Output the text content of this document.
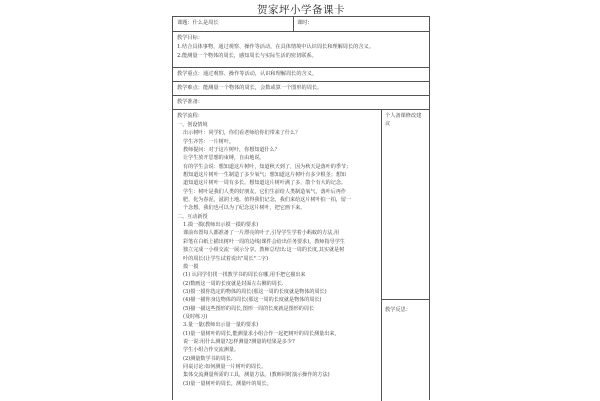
贺家坪小学备课卡
课题：什么是周长	课时：
教学目标：
1.结合具体事物，通过观察、操作等活动，在具体情境中认识周长和理解周长的含义。
2.能测量一个物体的周长，感知周长与实际生活的密切联系。
教学重点：通过观察、操作等活动，认识和理解周长的含义。
教学难点：能测量一个物体的周长，会数或算一个图形的周长。
教学准备：
教学流程：
一、创设情境
出示树叶：同学们，你们看老师给你们带来了什么？
学生齐答：一片树叶。
教师提问：对于这片树叶，你想知道什么？
让学生放开思想的束缚，自由地说。
有的学生会说：想知道这片树叶，知道秋天到了，因为秋天是落叶的季节；
想知道这片树叶一生制造了多少氧气；想知道这片树叶有多少根茎；想知
道知道这片树叶一周有多长。想知道这片树叶满了多，散个有大的记念。
学生：树叶是我们人类的好朋友，它们生前给人类制造氧气，落叶后再作
肥，化为春泥，滋润土地。值得我们记念，我们来给这片树叶拍一拍，留一
个念想，我们也可以为了纪念这片树叶，把它画下来。
二、互动新授
1.摸一摸(教师出示摸一摸的要求)
课前布置每人都准备了一片漂亮的叶子,引导学生学着小蚂蚁的方法,用
彩笔在白纸上描出树叶一周的边线(课件会给出任务要求)。教师指导学生
独立完成一小组交流一展示分享。教师总结出:这一周的长度,其实就是树
叶的周长(让学生试着说出"周长"二字)
摸一摸
(1) 认同学们找一找教学书的周长在哪,用手把它描出来
(2)数画这一周的长度就是封面左右侧的周长.
(3)摸一摸你选定的物体的周长(那这一周的长度就是物体的周长)
(4)描一描你身边物体的周长(那这一周的长度就是物体的周长)
(5)描一描这些图形的周长,图形一周的长度就是图形的周长
(及时练习)
3.量一量(教师出示量一量的要求)
(1)量一量树叶的周长,能测量求小组合作一起把树叶的周长测量出来,
说一说:用什么测量?怎样测量?测量的结果是多少?
学生小组合作交流测量。
(2)测量数学书的周长.
同桌讨论:如何测量一片树叶的周长。
集体交流测量所需的工具，测量方法。(教师同时演示操作的方法)
(3)量一量树叶的周长，测量叶的周长。
个人备课修改建议
教学反思：
